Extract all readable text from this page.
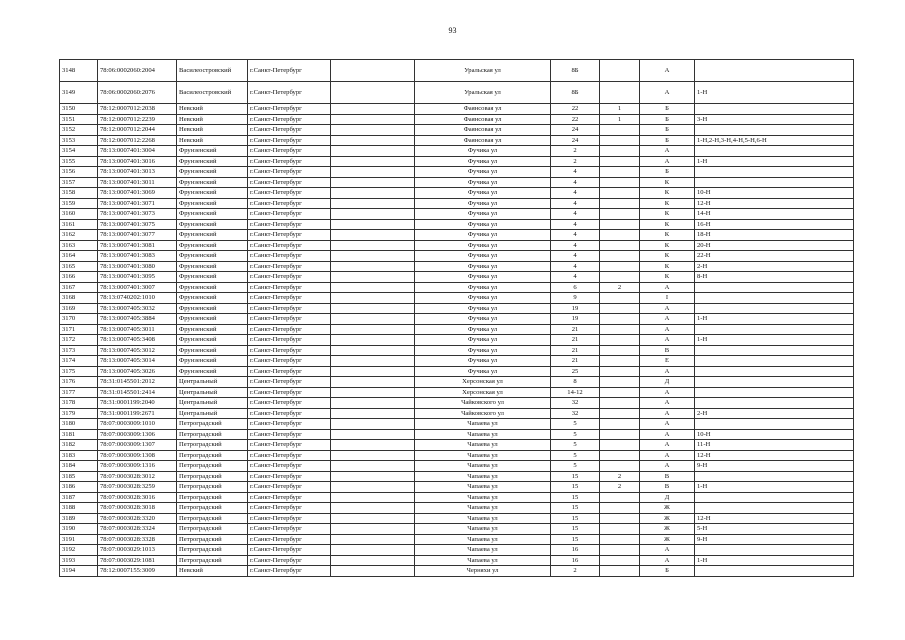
93
3148	78:06:0002060:2004	Василеостровский	г.Санкт-Петербург		Уральская ул	8Б		А	
3149	78:06:0002060:2076	Василеостровский	г.Санкт-Петербург		Уральская ул	8Б		А	1-Н
3150	78:12:0007012:2038	Невский	г.Санкт-Петербург		Фаянсовая ул	22	1	Б	
3151	78:12:0007012:2239	Невский	г.Санкт-Петербург		Фаянсовая ул	22	1	Б	3-Н
3152	78:12:0007012:2044	Невский	г.Санкт-Петербург		Фаянсовая ул	24		Б	
3153	78:12:0007012:2268	Невский	г.Санкт-Петербург		Фаянсовая ул	24		Б	1-Н,2-Н,3-Н,4-Н,5-Н,6-Н
3154	78:13:0007401:3004	Фрунзенский	г.Санкт-Петербург		Фучика ул	2		А	
3155	78:13:0007401:3016	Фрунзенский	г.Санкт-Петербург		Фучика ул	2		А	1-Н
3156	78:13:0007401:3013	Фрунзенский	г.Санкт-Петербург		Фучика ул	4		Б	
3157	78:13:0007401:3011	Фрунзенский	г.Санкт-Петербург		Фучика ул	4		К	
3158	78:13:0007401:3069	Фрунзенский	г.Санкт-Петербург		Фучика ул	4		К	10-Н
3159	78:13:0007401:3071	Фрунзенский	г.Санкт-Петербург		Фучика ул	4		К	12-Н
3160	78:13:0007401:3073	Фрунзенский	г.Санкт-Петербург		Фучика ул	4		К	14-Н
3161	78:13:0007401:3075	Фрунзенский	г.Санкт-Петербург		Фучика ул	4		К	16-Н
3162	78:13:0007401:3077	Фрунзенский	г.Санкт-Петербург		Фучика ул	4		К	18-Н
3163	78:13:0007401:3081	Фрунзенский	г.Санкт-Петербург		Фучика ул	4		К	20-Н
3164	78:13:0007401:3083	Фрунзенский	г.Санкт-Петербург		Фучика ул	4		К	22-Н
3165	78:13:0007401:3080	Фрунзенский	г.Санкт-Петербург		Фучика ул	4		К	2-Н
3166	78:13:0007401:3095	Фрунзенский	г.Санкт-Петербург		Фучика ул	4		К	8-Н
3167	78:13:0007401:3007	Фрунзенский	г.Санкт-Петербург		Фучика ул	6	2	А	
3168	78:13:0740202:1010	Фрунзенский	г.Санкт-Петербург		Фучика ул	9		І	
3169	78:13:0007405:3032	Фрунзенский	г.Санкт-Петербург		Фучика ул	19		А	
3170	78:13:0007405:3884	Фрунзенский	г.Санкт-Петербург		Фучика ул	19		А	1-Н
3171	78:13:0007405:3011	Фрунзенский	г.Санкт-Петербург		Фучика ул	21		А	
3172	78:13:0007405:3408	Фрунзенский	г.Санкт-Петербург		Фучика ул	21		А	1-Н
3173	78:13:0007405:3012	Фрунзенский	г.Санкт-Петербург		Фучика ул	21		В	
3174	78:13:0007405:3014	Фрунзенский	г.Санкт-Петербург		Фучика ул	21		Е	
3175	78:13:0007405:3026	Фрунзенский	г.Санкт-Петербург		Фучика ул	25		А	
3176	78:31:0145501:2012	Центральный	г.Санкт-Петербург		Херсонская ул	8		Д	
3177	78:31:0145501:2414	Центральный	г.Санкт-Петербург		Херсонская ул	14-12		А	
3178	78:31:0001199:2040	Центральный	г.Санкт-Петербург		Чайковского ул	32		А	
3179	78:31:0001199:2671	Центральный	г.Санкт-Петербург		Чайковского ул	32		А	2-Н
3180	78:07:0003009:1010	Петроградский	г.Санкт-Петербург		Чапаева ул	5		А	
3181	78:07:0003009:1306	Петроградский	г.Санкт-Петербург		Чапаева ул	5		А	10-Н
3182	78:07:0003009:1307	Петроградский	г.Санкт-Петербург		Чапаева ул	5		А	11-Н
3183	78:07:0003009:1308	Петроградский	г.Санкт-Петербург		Чапаева ул	5		А	12-Н
3184	78:07:0003009:1316	Петроградский	г.Санкт-Петербург		Чапаева ул	5		А	9-Н
3185	78:07:0003028:3012	Петроградский	г.Санкт-Петербург		Чапаева ул	15	2	В	
3186	78:07:0003028:3259	Петроградский	г.Санкт-Петербург		Чапаева ул	15	2	В	1-Н
3187	78:07:0003028:3016	Петроградский	г.Санкт-Петербург		Чапаева ул	15		Д	
3188	78:07:0003028:3018	Петроградский	г.Санкт-Петербург		Чапаева ул	15		Ж	
3189	78:07:0003028:3320	Петроградский	г.Санкт-Петербург		Чапаева ул	15		Ж	12-Н
3190	78:07:0003028:3324	Петроградский	г.Санкт-Петербург		Чапаева ул	15		Ж	5-Н
3191	78:07:0003028:3328	Петроградский	г.Санкт-Петербург		Чапаева ул	15		Ж	9-Н
3192	78:07:0003029:1013	Петроградский	г.Санкт-Петербург		Чапаева ул	16		А	
3193	78:07:0003029:1081	Петроградский	г.Санкт-Петербург		Чапаева ул	16		А	1-Н
3194	78:12:0007155:3009	Невский	г.Санкт-Петербург		Черняхи ул	2		Б	
